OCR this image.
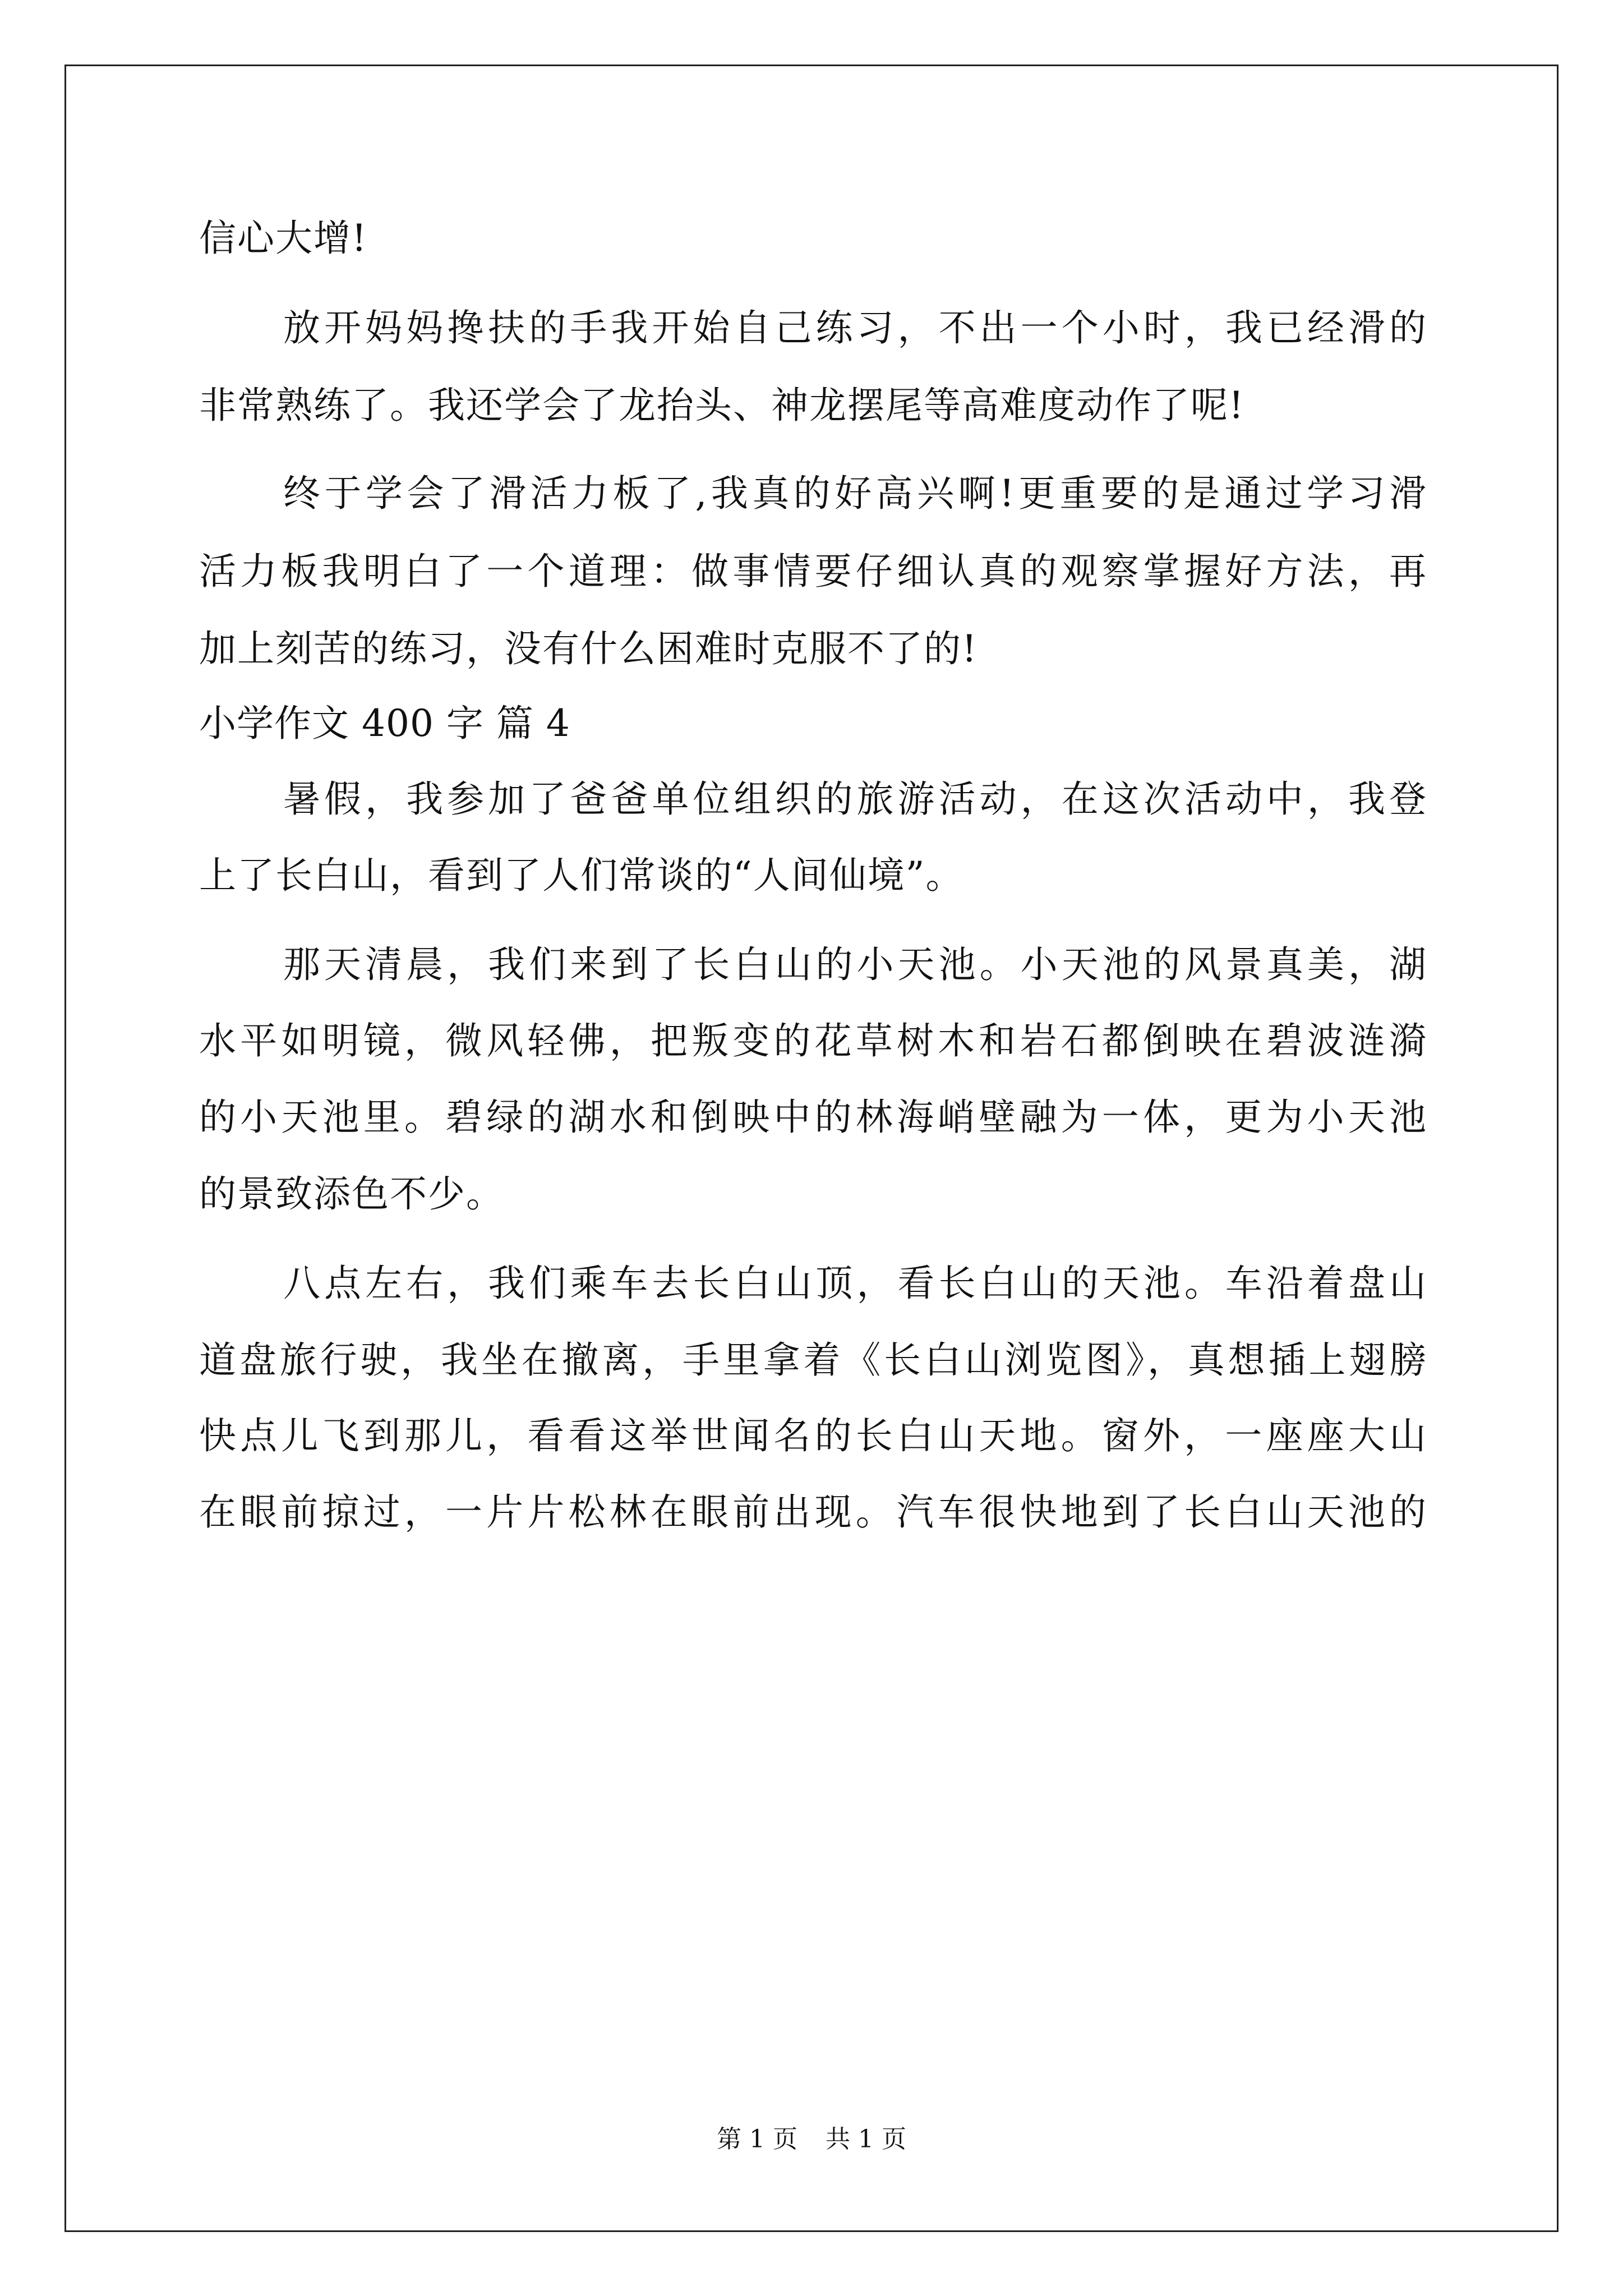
信心大增!
放开妈妈搀扶的手我开始自己练习，不出一个小时，我已经滑的
非常熟练了。我还学会了龙抬头、神龙摆尾等高难度动作了呢!
终于学会了滑活力板了,我真的好高兴啊!更重要的是通过学习滑
活力板我明白了一个道理：做事情要仔细认真的观察掌握好方法，再
加上刻苦的练习，没有什么困难时克服不了的!
小学作文 400 字 篇 4
暑假，我参加了爸爸单位组织的旅游活动，在这次活动中，我登
上了长白山，看到了人们常谈的“人间仙境”。
那天清晨，我们来到了长白山的小天池。小天池的风景真美，湖
水平如明镜，微风轻佛，把叛变的花草树木和岩石都倒映在碧波涟漪
的小天池里。碧绿的湖水和倒映中的林海峭壁融为一体，更为小天池
的景致添色不少。
八点左右，我们乘车去长白山顶，看长白山的天池。车沿着盘山
道盘旅行驶，我坐在撤离，手里拿着《长白山浏览图》，真想插上翅膀
快点儿飞到那儿，看看这举世闻名的长白山天地。窗外，一座座大山
在眼前掠过，一片片松林在眼前出现。汽车很快地到了长白山天池的
第 1 页 共 1 页
